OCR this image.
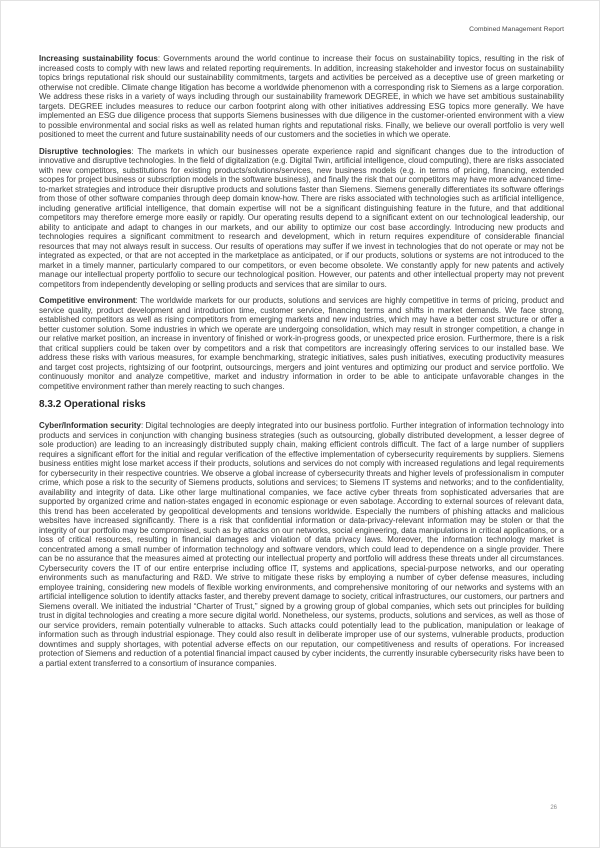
Combined Management Report

Increasing sustainability focus: Governments around the world continue to increase their focus on sustainability topics, resulting in the risk of increased costs to comply with new laws and related reporting requirements. In addition, increasing stakeholder and investor focus on sustainability topics brings reputational risk should our sustainability commitments, targets and activities be perceived as a deceptive use of green marketing or otherwise not credible. Climate change litigation has become a worldwide phenomenon with a corresponding risk to Siemens as a large corporation. We address these risks in a variety of ways including through our sustainability framework DEGREE, in which we have set ambitious sustainability targets. DEGREE includes measures to reduce our carbon footprint along with other initiatives addressing ESG topics more generally. We have implemented an ESG due diligence process that supports Siemens businesses with due diligence in the customer-oriented environment with a view to possible environmental and social risks as well as related human rights and reputational risks. Finally, we believe our overall portfolio is very well positioned to meet the current and future sustainability needs of our customers and the societies in which we operate.

Disruptive technologies: The markets in which our businesses operate experience rapid and significant changes due to the introduction of innovative and disruptive technologies. In the field of digitalization (e.g. Digital Twin, artificial intelligence, cloud computing), there are risks associated with new competitors, substitutions for existing products/solutions/services, new business models (e.g. in terms of pricing, financing, extended scopes for project business or subscription models in the software business), and finally the risk that our competitors may have more advanced time-to-market strategies and introduce their disruptive products and solutions faster than Siemens. Siemens generally differentiates its software offerings from those of other software companies through deep domain know-how. There are risks associated with technologies such as artificial intelligence, including generative artificial intelligence, that domain expertise will not be a significant distinguishing feature in the future, and that additional competitors may therefore emerge more easily or rapidly. Our operating results depend to a significant extent on our technological leadership, our ability to anticipate and adapt to changes in our markets, and our ability to optimize our cost base accordingly. Introducing new products and technologies requires a significant commitment to research and development, which in return requires expenditure of considerable financial resources that may not always result in success. Our results of operations may suffer if we invest in technologies that do not operate or may not be integrated as expected, or that are not accepted in the marketplace as anticipated, or if our products, solutions or systems are not introduced to the market in a timely manner, particularly compared to our competitors, or even become obsolete. We constantly apply for new patents and actively manage our intellectual property portfolio to secure our technological position. However, our patents and other intellectual property may not prevent competitors from independently developing or selling products and services that are similar to ours.

Competitive environment: The worldwide markets for our products, solutions and services are highly competitive in terms of pricing, product and service quality, product development and introduction time, customer service, financing terms and shifts in market demands. We face strong, established competitors as well as rising competitors from emerging markets and new industries, which may have a better cost structure or offer a better customer solution. Some industries in which we operate are undergoing consolidation, which may result in stronger competition, a change in our relative market position, an increase in inventory of finished or work-in-progress goods, or unexpected price erosion. Furthermore, there is a risk that critical suppliers could be taken over by competitors and a risk that competitors are increasingly offering services to our installed base. We address these risks with various measures, for example benchmarking, strategic initiatives, sales push initiatives, executing productivity measures and target cost projects, rightsizing of our footprint, outsourcings, mergers and joint ventures and optimizing our product and service portfolio. We continuously monitor and analyze competitive, market and industry information in order to be able to anticipate unfavorable changes in the competitive environment rather than merely reacting to such changes.

8.3.2 Operational risks

Cyber/Information security: Digital technologies are deeply integrated into our business portfolio. Further integration of information technology into products and services in conjunction with changing business strategies (such as outsourcing, globally distributed development, a lesser degree of sole production) are leading to an increasingly distributed supply chain, making efficient controls difficult. The fact of a large number of suppliers requires a significant effort for the initial and regular verification of the effective implementation of cybersecurity requirements by suppliers. Siemens business entities might lose market access if their products, solutions and services do not comply with increased regulations and legal requirements for cybersecurity in their respective countries. We observe a global increase of cybersecurity threats and higher levels of professionalism in computer crime, which pose a risk to the security of Siemens products, solutions and services; to Siemens IT systems and networks; and to the confidentiality, availability and integrity of data. Like other large multinational companies, we face active cyber threats from sophisticated adversaries that are supported by organized crime and nation-states engaged in economic espionage or even sabotage. According to external sources of relevant data, this trend has been accelerated by geopolitical developments and tensions worldwide. Especially the numbers of phishing attacks and malicious websites have increased significantly. There is a risk that confidential information or data-privacy-relevant information may be stolen or that the integrity of our portfolio may be compromised, such as by attacks on our networks, social engineering, data manipulations in critical applications, or a loss of critical resources, resulting in financial damages and violation of data privacy laws. Moreover, the information technology market is concentrated among a small number of information technology and software vendors, which could lead to dependence on a single provider. There can be no assurance that the measures aimed at protecting our intellectual property and portfolio will address these threats under all circumstances. Cybersecurity covers the IT of our entire enterprise including office IT, systems and applications, special-purpose networks, and our operating environments such as manufacturing and R&D. We strive to mitigate these risks by employing a number of cyber defense measures, including employee training, considering new models of flexible working environments, and comprehensive monitoring of our networks and systems with an artificial intelligence solution to identify attacks faster, and thereby prevent damage to society, critical infrastructures, our customers, our partners and Siemens overall. We initiated the industrial “Charter of Trust,” signed by a growing group of global companies, which sets out principles for building trust in digital technologies and creating a more secure digital world. Nonetheless, our systems, products, solutions and services, as well as those of our service providers, remain potentially vulnerable to attacks. Such attacks could potentially lead to the publication, manipulation or leakage of information such as through industrial espionage. They could also result in deliberate improper use of our systems, vulnerable products, production downtimes and supply shortages, with potential adverse effects on our reputation, our competitiveness and results of operations. For increased protection of Siemens and reduction of a potential financial impact caused by cyber incidents, the currently insurable cybersecurity risks have been to a partial extent transferred to a consortium of insurance companies.

26
